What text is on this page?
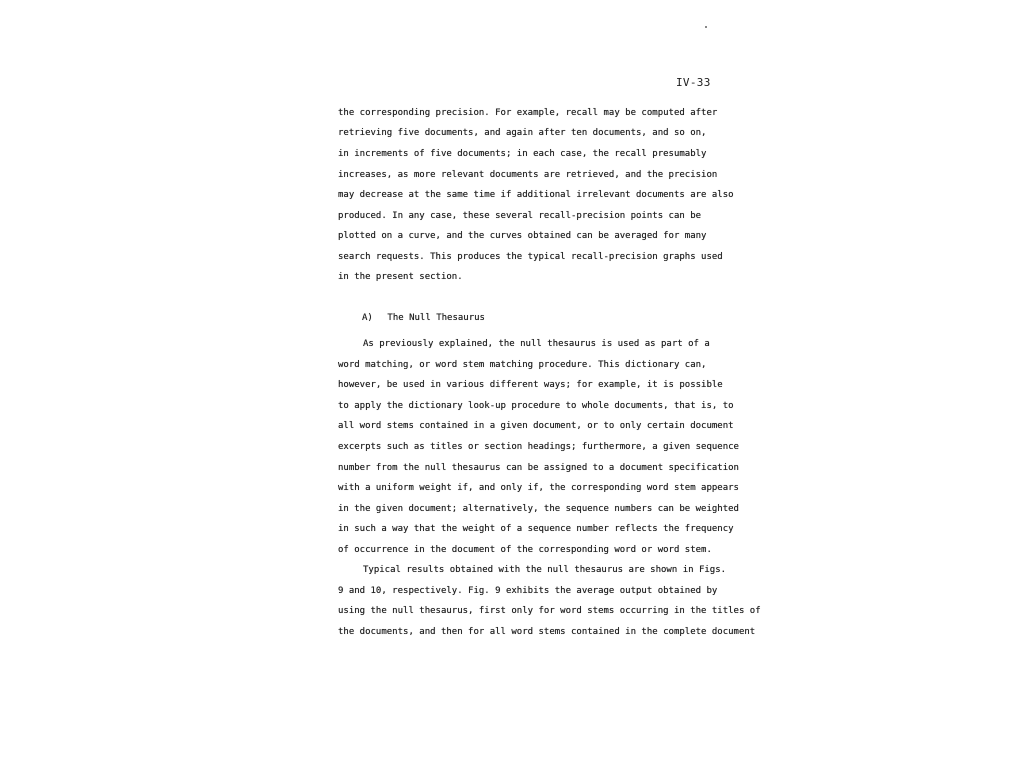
IV-33
the corresponding precision. For example, recall may be computed after
retrieving five documents, and again after ten documents, and so on,
in increments of five documents; in each case, the recall presumably
increases, as more relevant documents are retrieved, and the precision
may decrease at the same time if additional irrelevant documents are also
produced. In any case, these several recall-precision points can be
plotted on a curve, and the curves obtained can be averaged for many
search requests. This produces the typical recall-precision graphs used
in the present section.
A) The Null Thesaurus
As previously explained, the null thesaurus is used as part of a
word matching, or word stem matching procedure. This dictionary can,
however, be used in various different ways; for example, it is possible
to apply the dictionary look-up procedure to whole documents, that is, to
all word stems contained in a given document, or to only certain document
excerpts such as titles or section headings; furthermore, a given sequence
number from the null thesaurus can be assigned to a document specification
with a uniform weight if, and only if, the corresponding word stem appears
in the given document; alternatively, the sequence numbers can be weighted
in such a way that the weight of a sequence number reflects the frequency
of occurrence in the document of the corresponding word or word stem.
Typical results obtained with the null thesaurus are shown in Figs.
9 and 10, respectively. Fig. 9 exhibits the average output obtained by
using the null thesaurus, first only for word stems occurring in the titles of
the documents, and then for all word stems contained in the complete document
